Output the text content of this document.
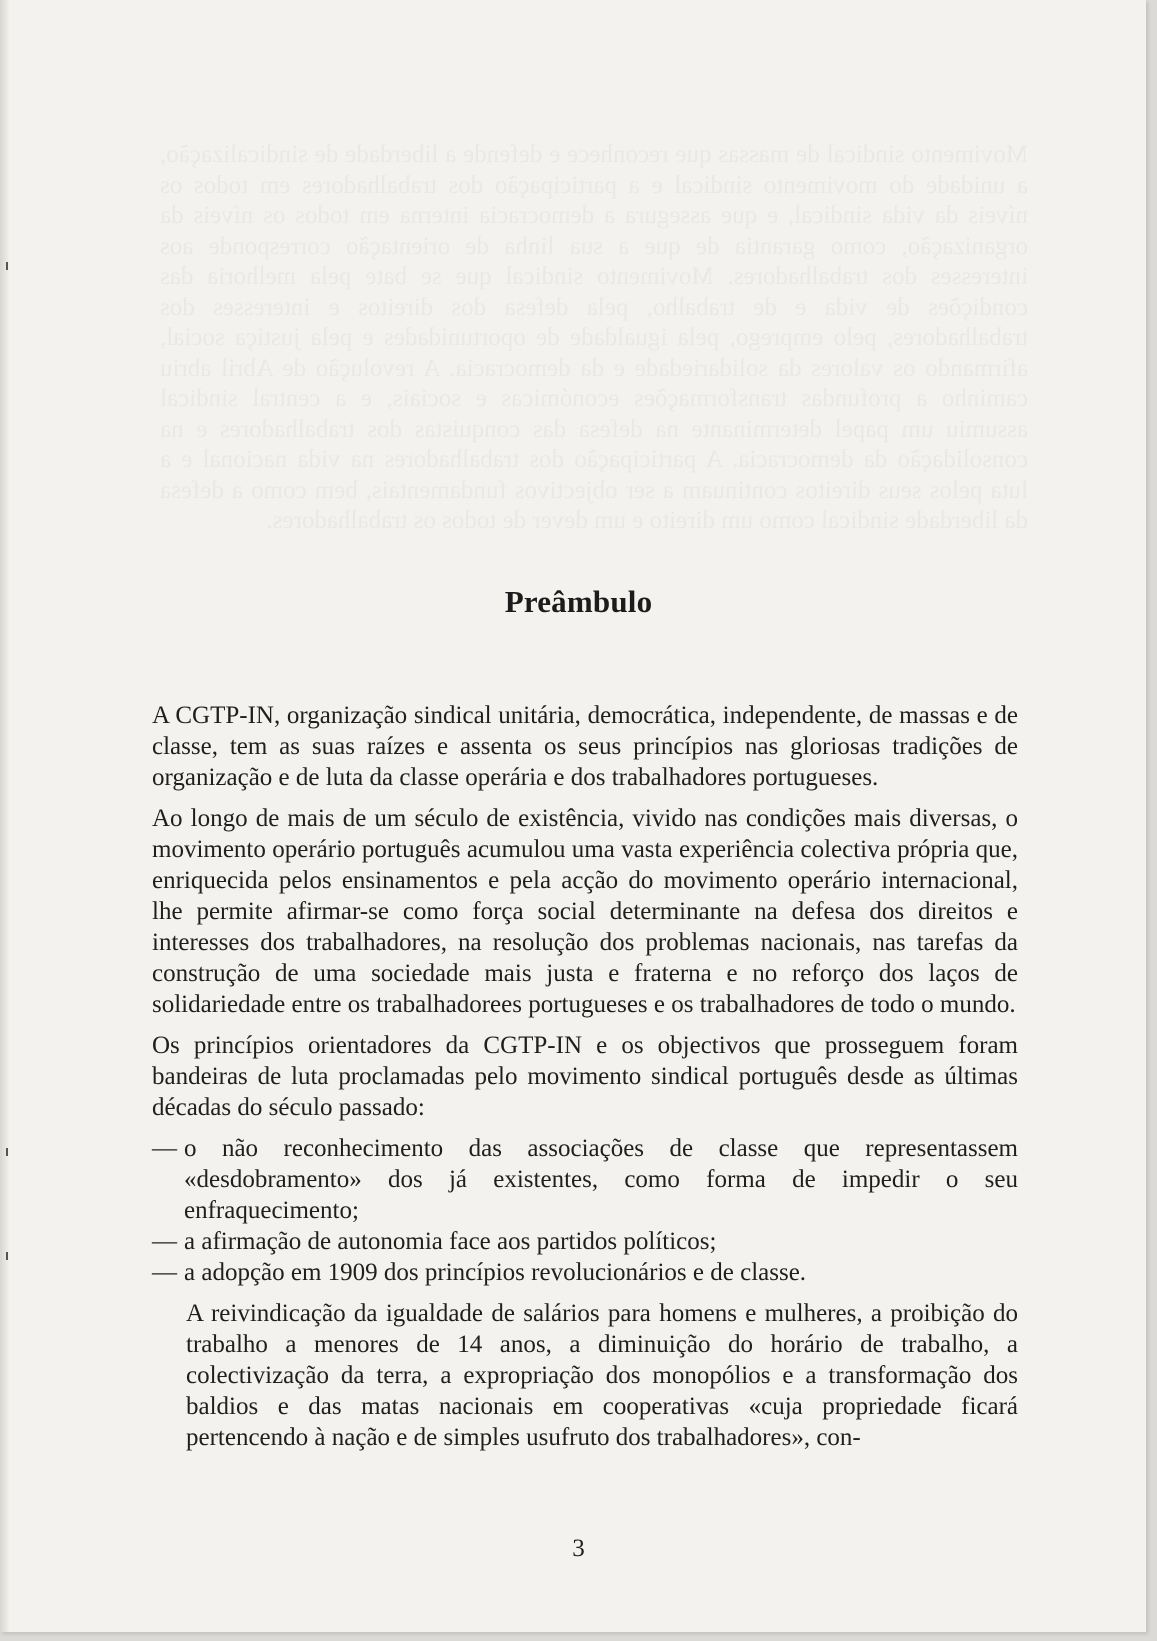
Movimento sindical de massas que reconhece e defende a liberdade de sindicalização, a unidade do movimento sindical e a participação dos trabalhadores em todos os níveis da vida sindical, e que assegura a democracia interna em todos os níveis da organização, como garantia de que a sua linha de orientação corresponde aos interesses dos trabalhadores. Movimento sindical que se bate pela melhoria das condições de vida e de trabalho, pela defesa dos direitos e interesses dos trabalhadores, pelo emprego, pela igualdade de oportunidades e pela justiça social, afirmando os valores da solidariedade e da democracia. A revolução de Abril abriu caminho a profundas transformações económicas e sociais, e a central sindical assumiu um papel determinante na defesa das conquistas dos trabalhadores e na consolidação da democracia. A participação dos trabalhadores na vida nacional e a luta pelos seus direitos continuam a ser objectivos fundamentais, bem como a defesa da liberdade sindical como um direito e um dever de todos os trabalhadores.
Preâmbulo

A CGTP-IN, organização sindical unitária, democrática, independente, de massas e de classe, tem as suas raízes e assenta os seus princípios nas gloriosas tradições de organização e de luta da classe operária e dos trabalhadores portugueses.

Ao longo de mais de um século de existência, vivido nas condições mais diversas, o movimento operário português acumulou uma vasta experiência colectiva própria que, enriquecida pelos ensinamentos e pela acção do movimento operário internacional, lhe permite afirmar-se como força social determinante na defesa dos direitos e interesses dos trabalhadores, na resolução dos problemas nacionais, nas tarefas da construção de uma sociedade mais justa e fraterna e no reforço dos laços de solidariedade entre os trabalhadorees portugueses e os trabalhadores de todo o mundo.

Os princípios orientadores da CGTP-IN e os objectivos que prosseguem foram bandeiras de luta proclamadas pelo movimento sindical português desde as últimas décadas do século passado:

— o não reconhecimento das associações de classe que representassem «desdobramento» dos já existentes, como forma de impedir o seu enfraquecimento;
— a afirmação de autonomia face aos partidos políticos;
— a adopção em 1909 dos princípios revolucionários e de classe.

A reivindicação da igualdade de salários para homens e mulheres, a proibição do trabalho a menores de 14 anos, a diminuição do horário de trabalho, a colectivização da terra, a expropriação dos monopólios e a transformação dos baldios e das matas nacionais em cooperativas «cuja propriedade ficará pertencendo à nação e de simples usufruto dos trabalhadores», con-

3
